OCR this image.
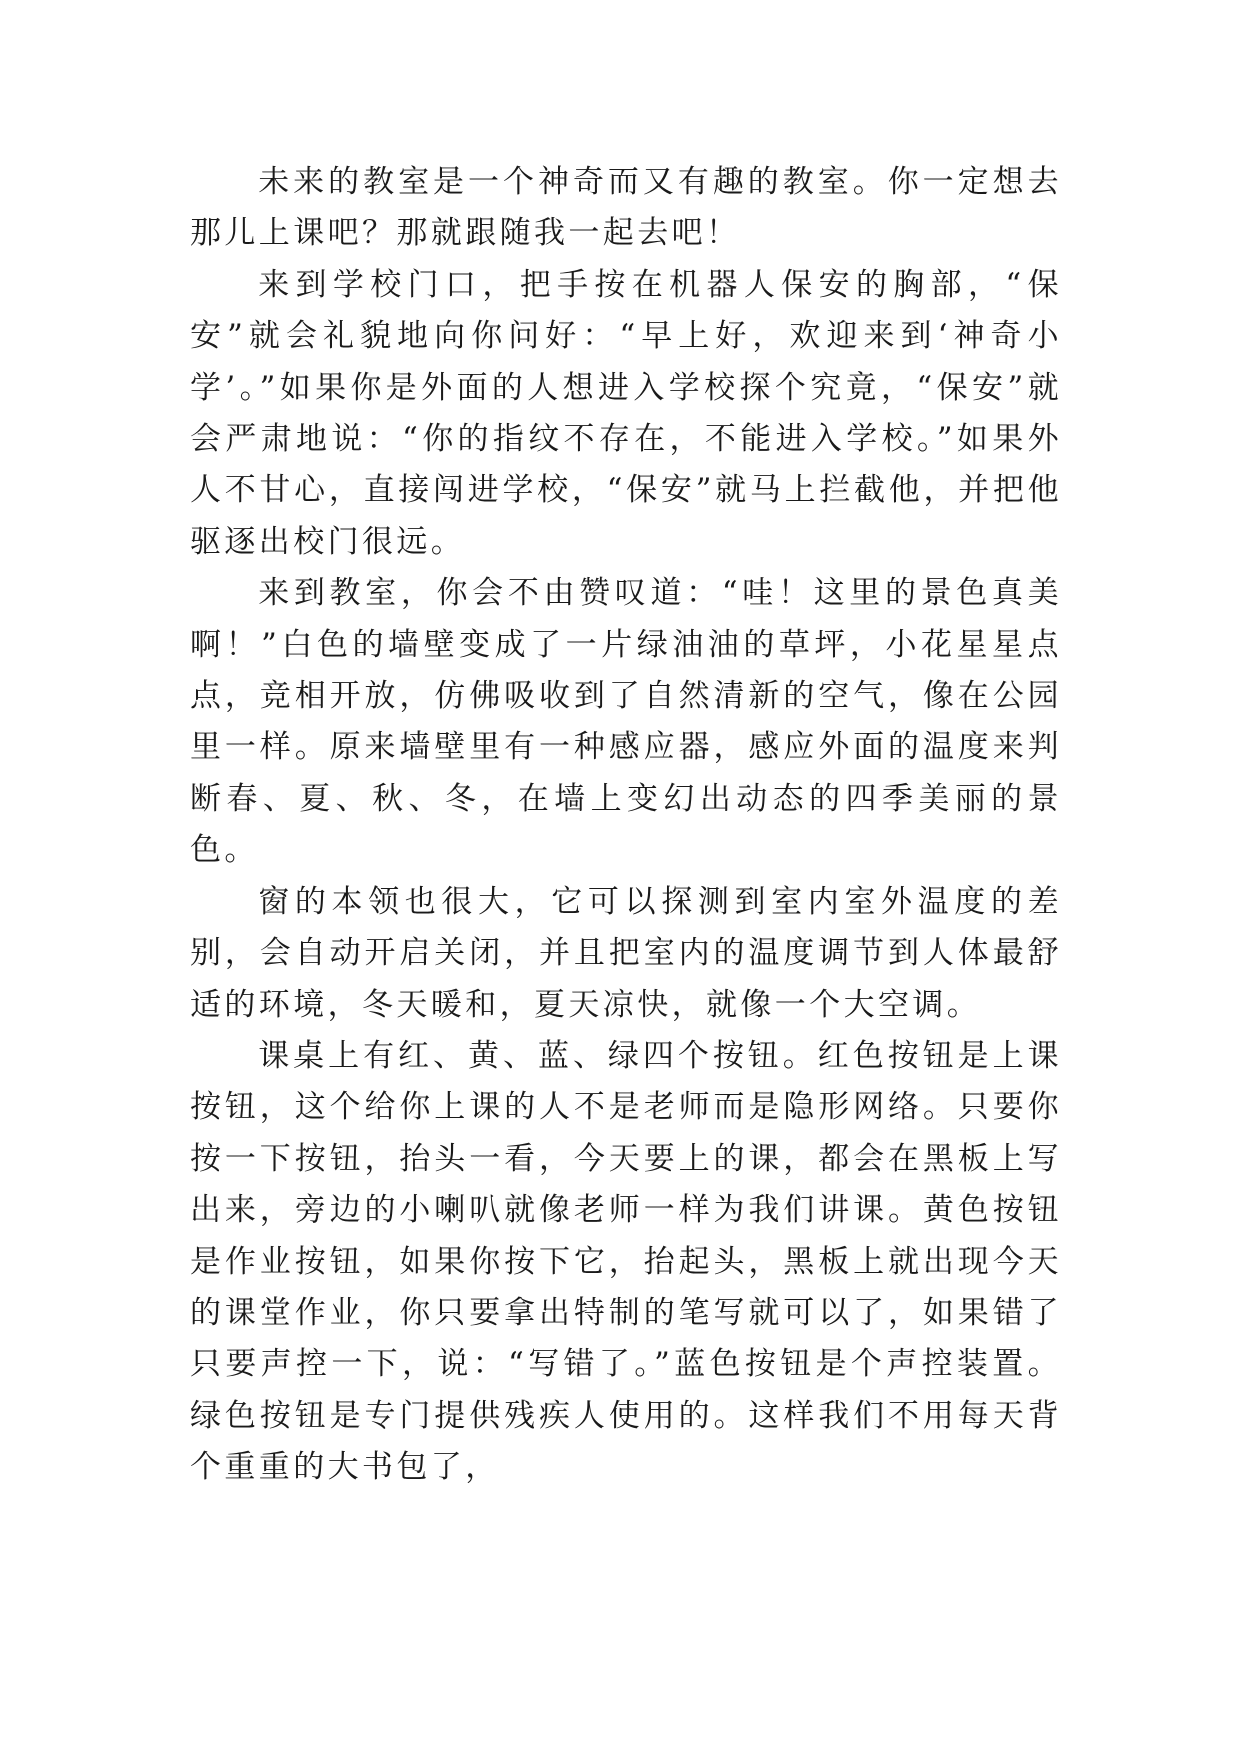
未来的教室是一个神奇而又有趣的教室。你一定想去那儿上课吧？那就跟随我一起去吧！

来到学校门口，把手按在机器人保安的胸部，“保安”就会礼貌地向你问好：“早上好，欢迎来到‘神奇小学’。”如果你是外面的人想进入学校探个究竟，“保安”就会严肃地说：“你的指纹不存在，不能进入学校。”如果外人不甘心，直接闯进学校，“保安”就马上拦截他，并把他驱逐出校门很远。

来到教室，你会不由赞叹道：“哇！这里的景色真美啊！”白色的墙壁变成了一片绿油油的草坪，小花星星点点，竞相开放，仿佛吸收到了自然清新的空气，像在公园里一样。原来墙壁里有一种感应器，感应外面的温度来判断春、夏、秋、冬，在墙上变幻出动态的四季美丽的景色。

窗的本领也很大，它可以探测到室内室外温度的差别，会自动开启关闭，并且把室内的温度调节到人体最舒适的环境，冬天暖和，夏天凉快，就像一个大空调。

课桌上有红、黄、蓝、绿四个按钮。红色按钮是上课按钮，这个给你上课的人不是老师而是隐形网络。只要你按一下按钮，抬头一看，今天要上的课，都会在黑板上写出来，旁边的小喇叭就像老师一样为我们讲课。黄色按钮是作业按钮，如果你按下它，抬起头，黑板上就出现今天的课堂作业，你只要拿出特制的笔写就可以了，如果错了只要声控一下，说：“写错了。”蓝色按钮是个声控装置。绿色按钮是专门提供残疾人使用的。这样我们不用每天背个重重的大书包了，
